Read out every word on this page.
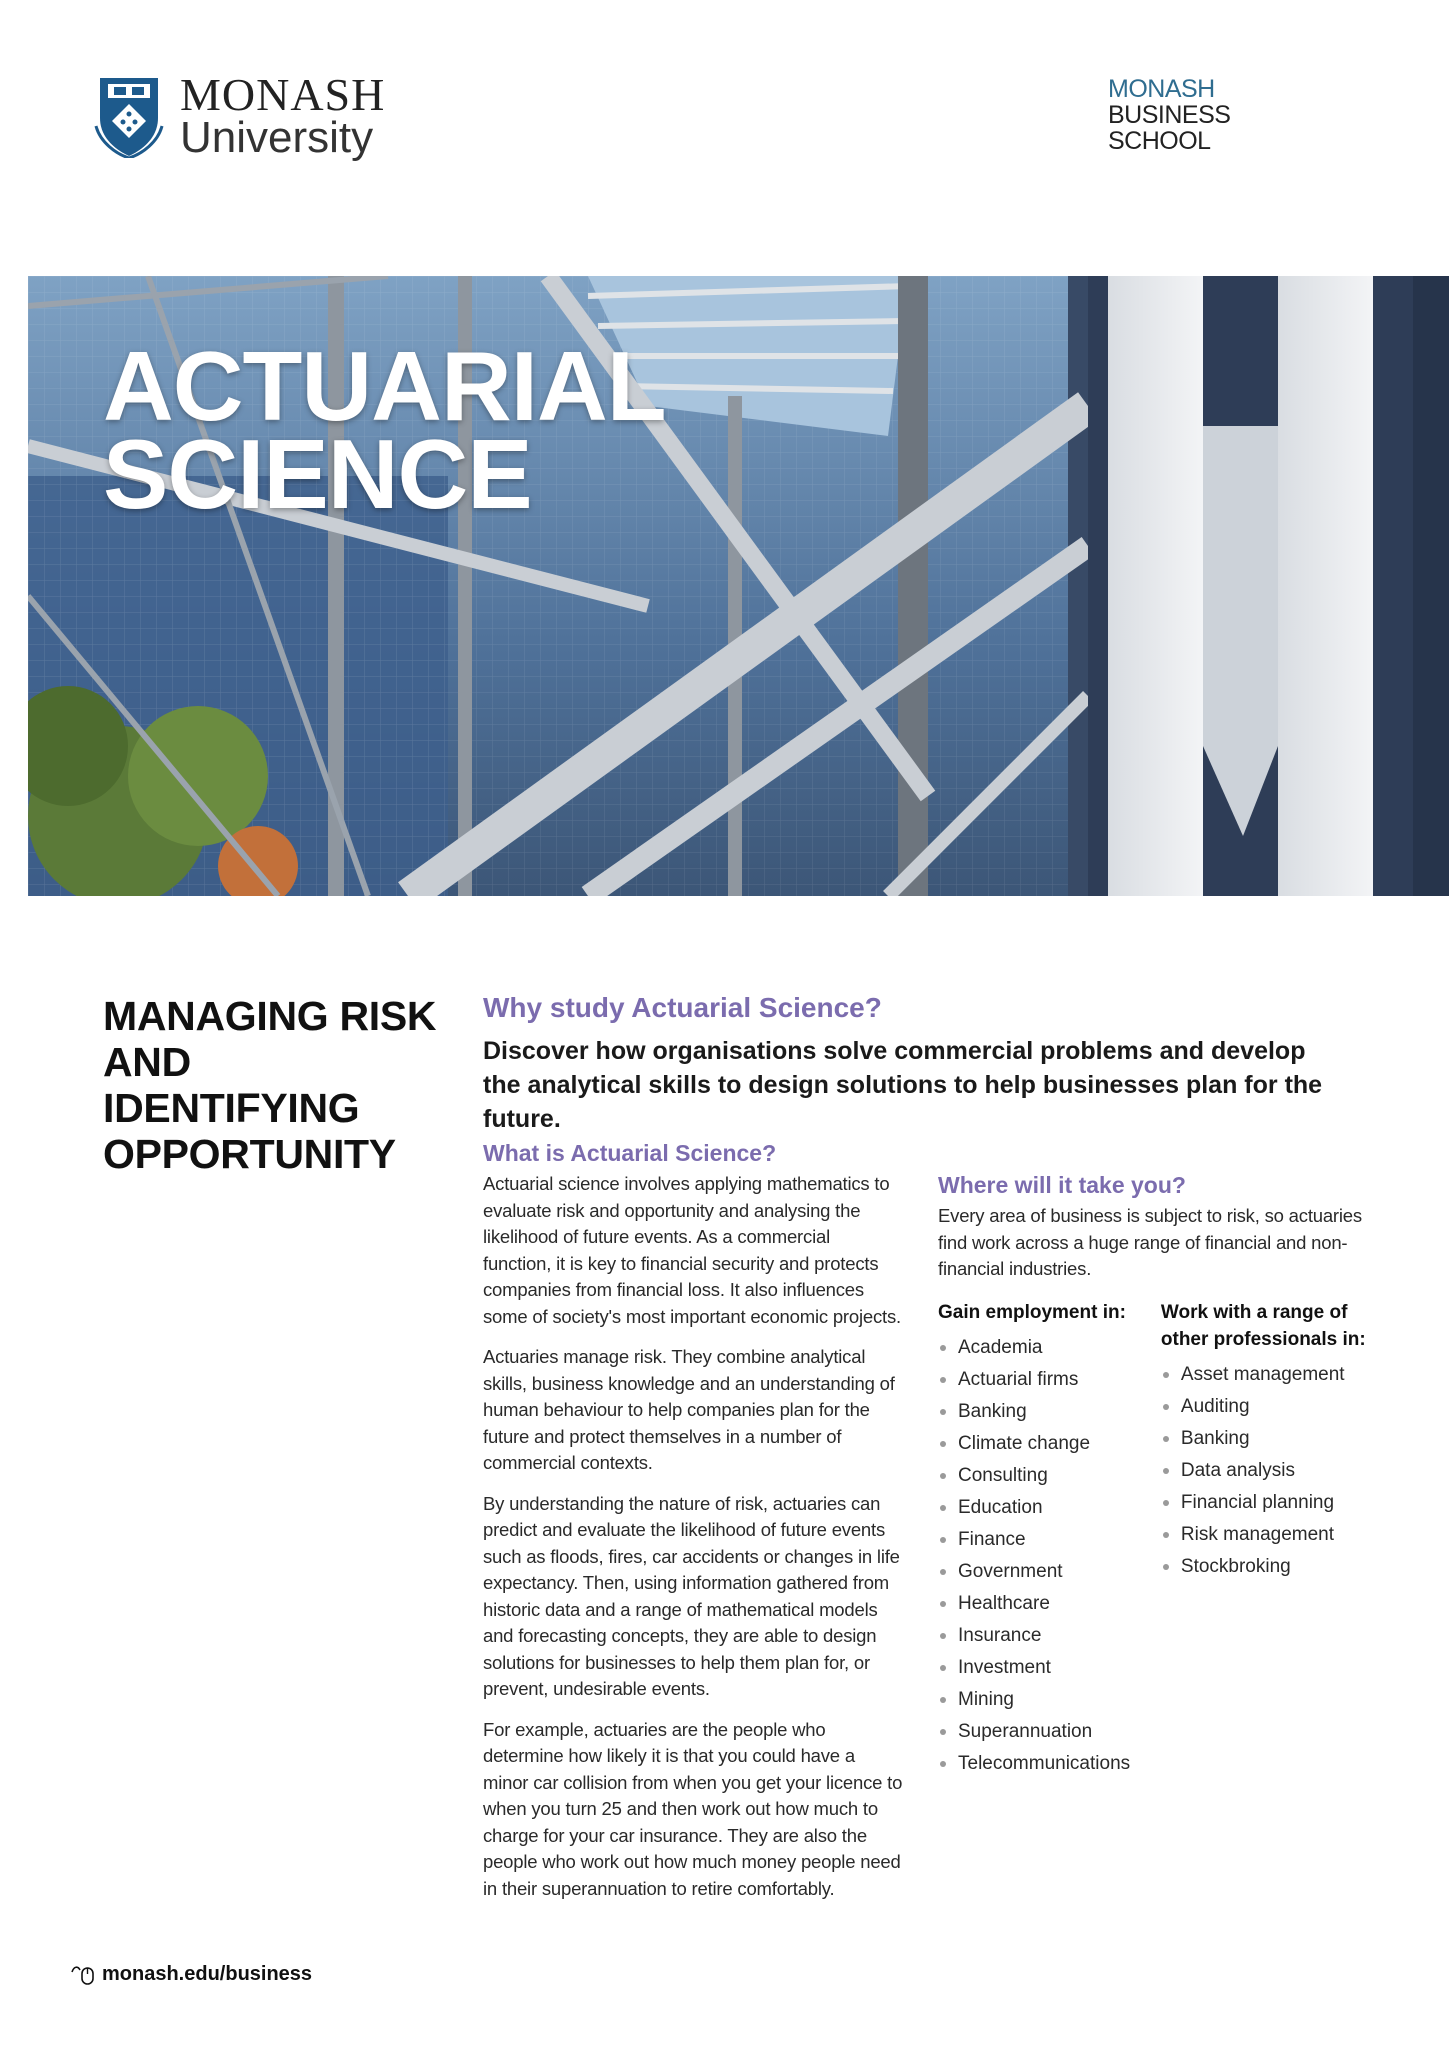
MONASH
University
MONASH
BUSINESS
SCHOOL
ACTUARIAL
SCIENCE
MANAGING RISK
AND IDENTIFYING
OPPORTUNITY
Why study Actuarial Science?
Discover how organisations solve commercial problems and develop the analytical skills to design solutions to help businesses plan for the future.
What is Actuarial Science?

Actuarial science involves applying mathematics to evaluate risk and opportunity and analysing the likelihood of future events. As a commercial function, it is key to financial security and protects companies from financial loss. It also influences some of society's most important economic projects.

Actuaries manage risk. They combine analytical skills, business knowledge and an understanding of human behaviour to help companies plan for the future and protect themselves in a number of commercial contexts.

By understanding the nature of risk, actuaries can predict and evaluate the likelihood of future events such as floods, fires, car accidents or changes in life expectancy. Then, using information gathered from historic data and a range of mathematical models and forecasting concepts, they are able to design solutions for businesses to help them plan for, or prevent, undesirable events.

For example, actuaries are the people who determine how likely it is that you could have a minor car collision from when you get your licence to when you turn 25 and then work out how much to charge for your car insurance. They are also the people who work out how much money people need in their superannuation to retire comfortably.

Where will it take you?

Every area of business is subject to risk, so actuaries find work across a huge range of financial and non-financial industries.

Gain employment in:
Academia
Actuarial firms
Banking
Climate change
Consulting
Education
Finance
Government
Healthcare
Insurance
Investment
Mining
Superannuation
Telecommunications
Work with a range of other professionals in:
Asset management
Auditing
Banking
Data analysis
Financial planning
Risk management
Stockbroking
monash.edu/business
